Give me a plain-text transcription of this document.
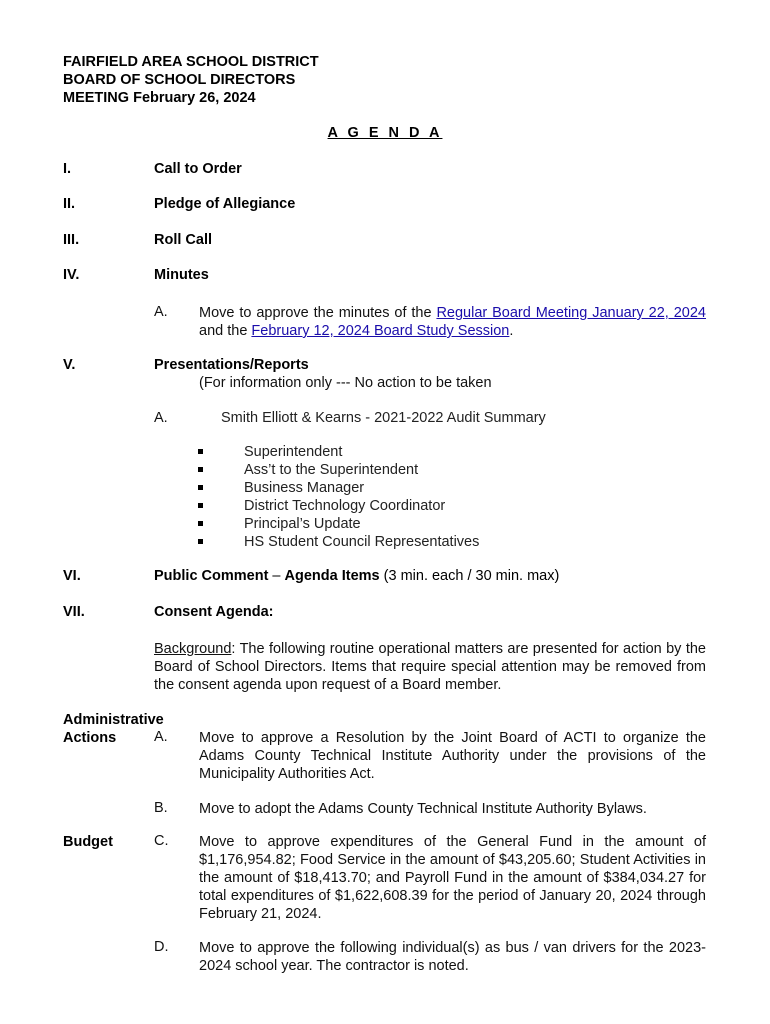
FAIRFIELD AREA SCHOOL DISTRICT
BOARD OF SCHOOL DIRECTORS
MEETING February 26, 2024
A G E N D A
I.	Call to Order
II.	Pledge of Allegiance
III.	Roll Call
IV.	Minutes
A. Move to approve the minutes of the Regular Board Meeting January 22, 2024 and the February 12, 2024 Board Study Session.
V.	Presentations/Reports
(For information only --- No action to be taken
A.	Smith Elliott & Kearns - 2021-2022 Audit Summary
Superintendent
Ass’t to the Superintendent
Business Manager
District Technology Coordinator
Principal’s Update
HS Student Council Representatives
VI.	Public Comment – Agenda Items (3 min. each / 30 min. max)
VII.	Consent Agenda:
Background: The following routine operational matters are presented for action by the Board of School Directors. Items that require special attention may be removed from the consent agenda upon request of a Board member.
Administrative
Actions	A. Move to approve a Resolution by the Joint Board of ACTI to organize the Adams County Technical Institute Authority under the provisions of the Municipality Authorities Act.
B. Move to adopt the Adams County Technical Institute Authority Bylaws.
Budget	C. Move to approve expenditures of the General Fund in the amount of $1,176,954.82; Food Service in the amount of $43,205.60; Student Activities in the amount of $18,413.70; and Payroll Fund in the amount of $384,034.27 for total expenditures of $1,622,608.39 for the period of January 20, 2024 through February 21, 2024.
D. Move to approve the following individual(s) as bus / van drivers for the 2023-2024 school year. The contractor is noted.
